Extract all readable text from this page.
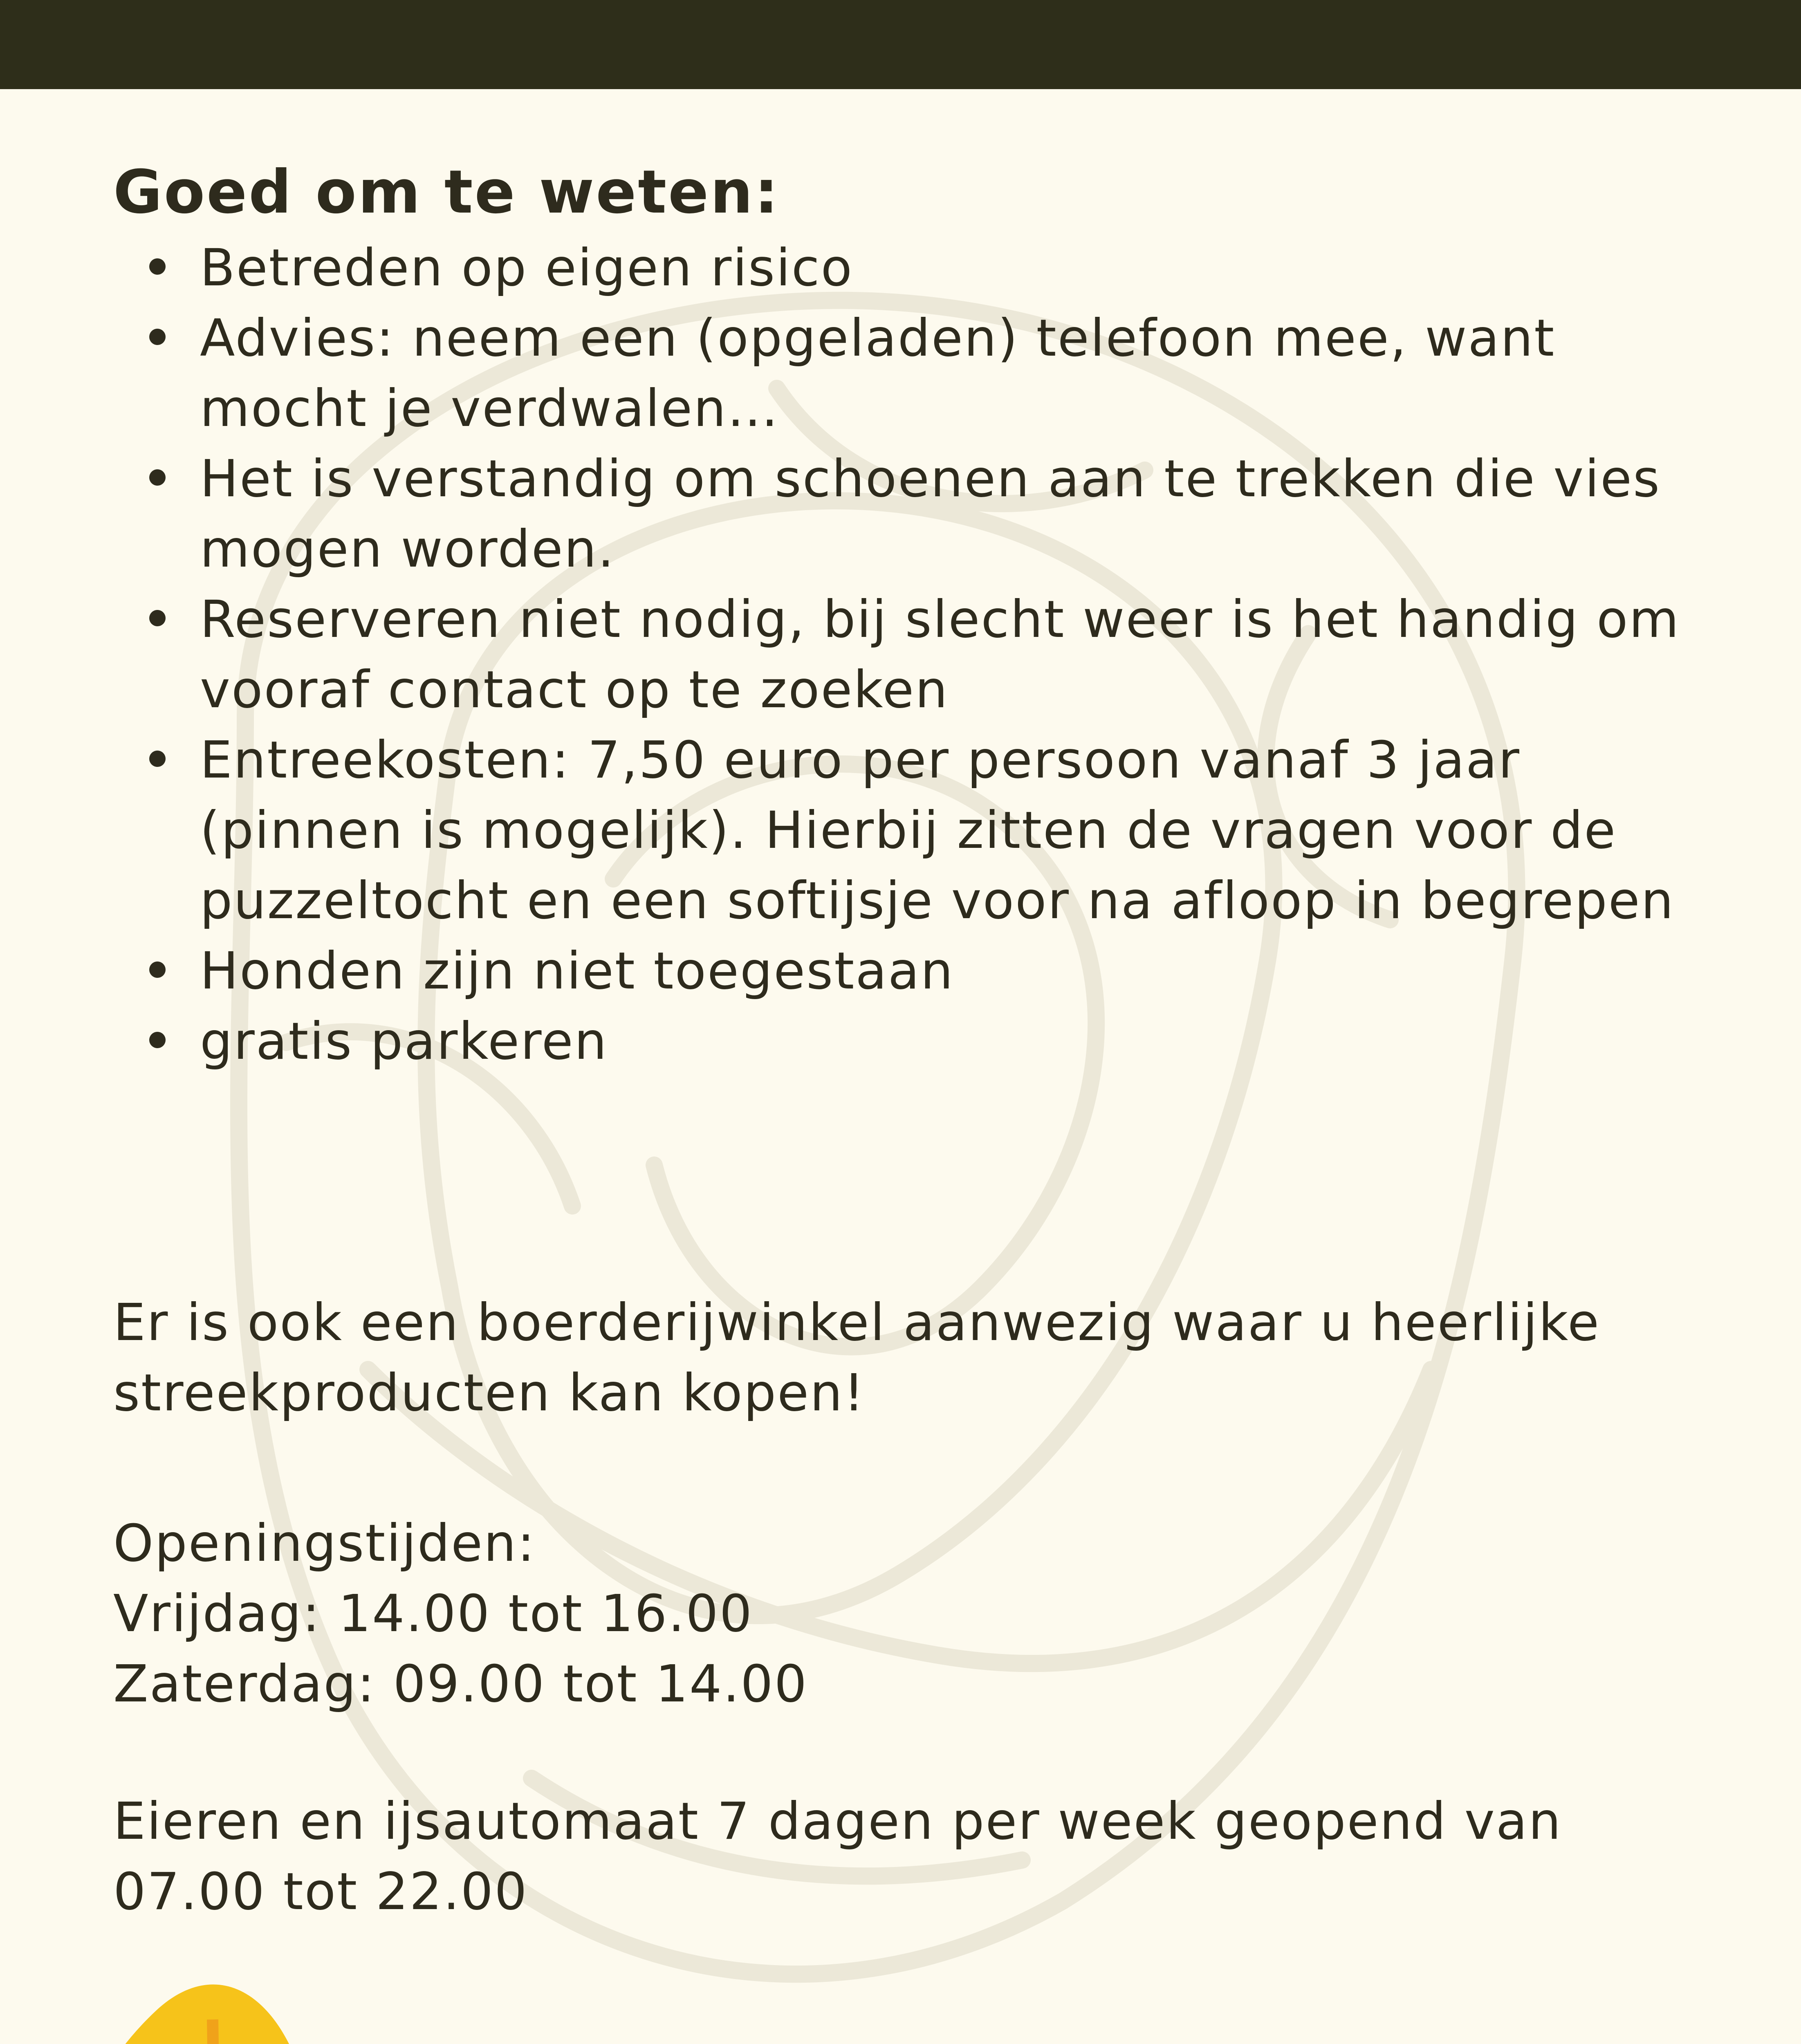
Goed om te weten:
Betreden op eigen risico
Advies: neem een (opgeladen) telefoon mee, want mocht je verdwalen…
Het is verstandig om schoenen aan te trekken die vies mogen worden.
Reserveren niet nodig, bij slecht weer is het handig om vooraf contact op te zoeken
Entreekosten: 7,50 euro per persoon vanaf 3 jaar (pinnen is mogelijk). Hierbij zitten de vragen voor de puzzeltocht en een softijsje voor na afloop in begrepen
Honden zijn niet toegestaan
gratis parkeren

Er is ook een boerderijwinkel aanwezig waar u heerlijke streekproducten kan kopen!

Openingstijden:

Vrijdag: 14.00 tot 16.00

Zaterdag: 09.00 tot 14.00

Eieren en ijsautomaat 7 dagen per week geopend van 07.00 tot 22.00
